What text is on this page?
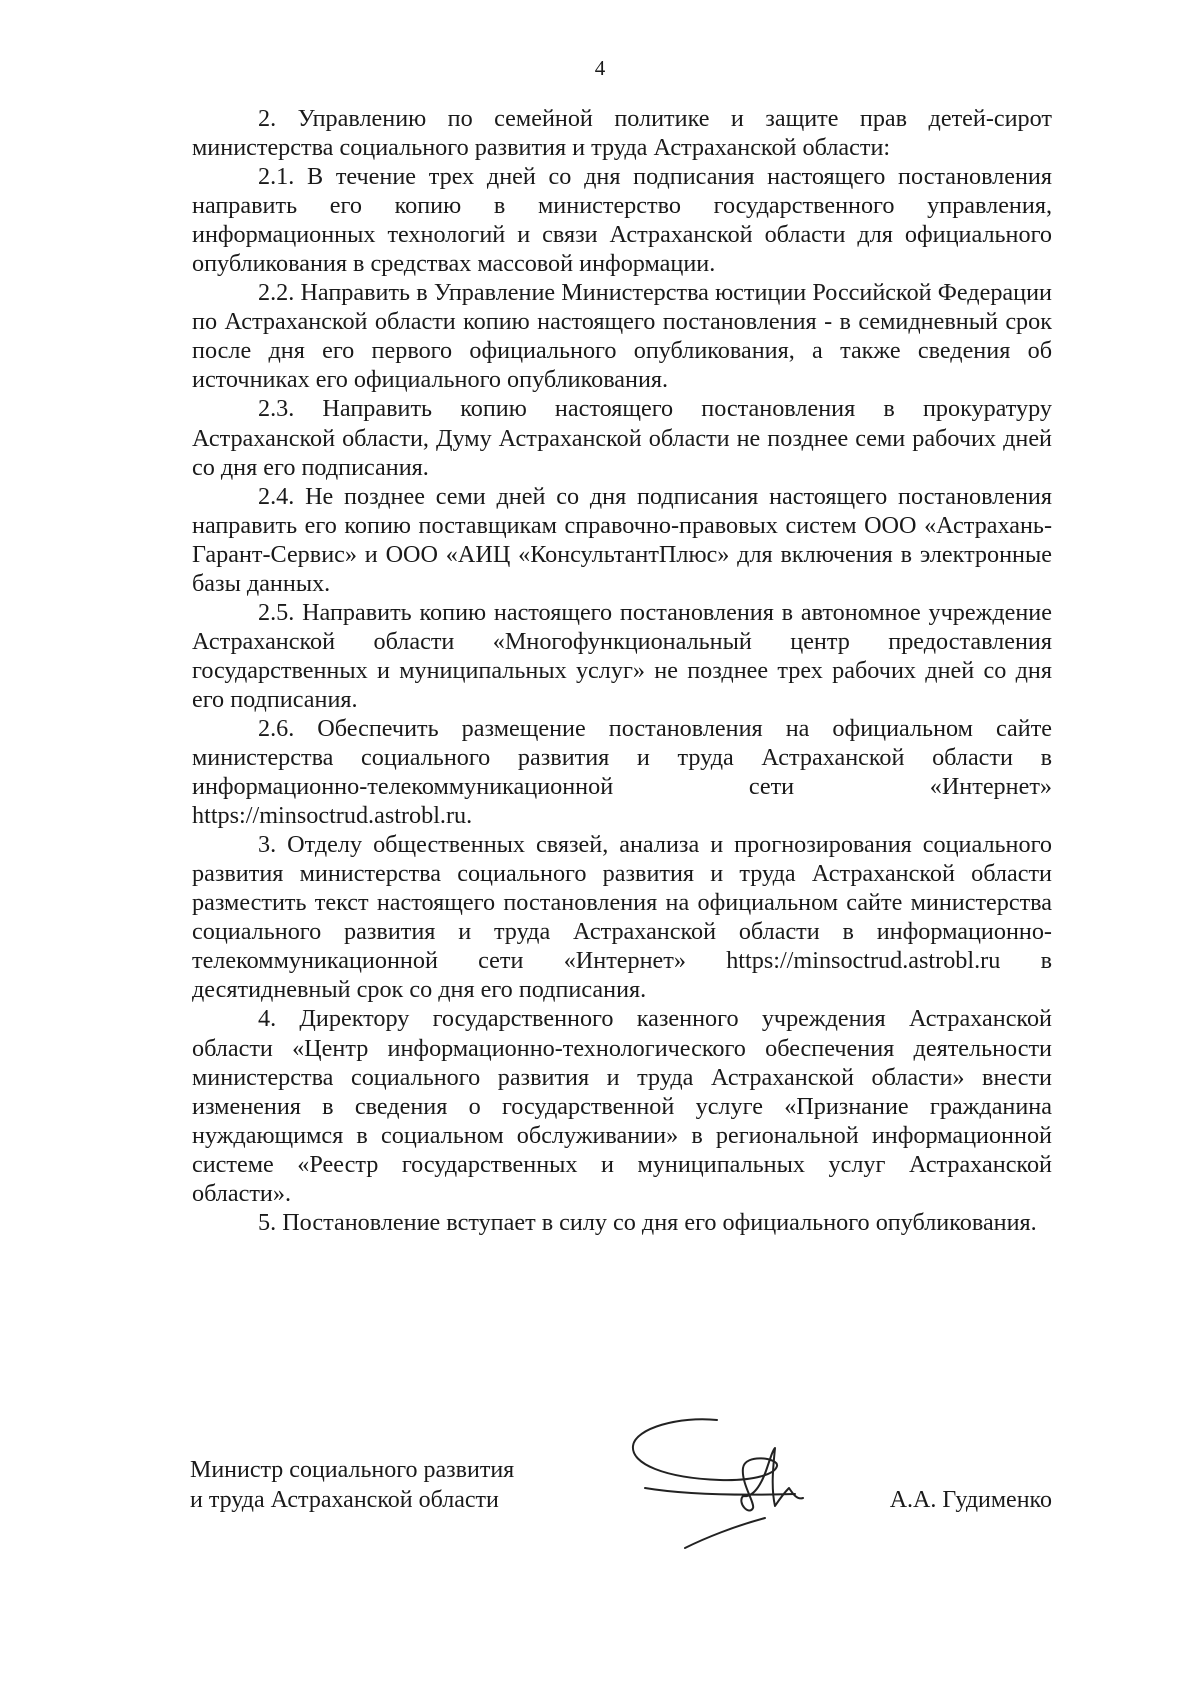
4

2. Управлению по семейной политике и защите прав детей-сирот министерства социального развития и труда Астраханской области:

2.1. В течение трех дней со дня подписания настоящего постановления направить его копию в министерство государственного управления, информационных технологий и связи Астраханской области для официального опубликования в средствах массовой информации.

2.2. Направить в Управление Министерства юстиции Российской Федерации по Астраханской области копию настоящего постановления - в семидневный срок после дня его первого официального опубликования, а также сведения об источниках его официального опубликования.

2.3. Направить копию настоящего постановления в прокуратуру Астраханской области, Думу Астраханской области не позднее семи рабочих дней со дня его подписания.

2.4. Не позднее семи дней со дня подписания настоящего постановления направить его копию поставщикам справочно-правовых систем ООО «Астрахань-Гарант-Сервис» и ООО «АИЦ «КонсультантПлюс» для включения в электронные базы данных.

2.5. Направить копию настоящего постановления в автономное учреждение Астраханской области «Многофункциональный центр предоставления государственных и муниципальных услуг» не позднее трех рабочих дней со дня его подписания.

2.6. Обеспечить размещение постановления на официальном сайте министерства социального развития и труда Астраханской области в информационно-телекоммуникационной сети «Интернет» https://minsoctrud.astrobl.ru.

3. Отделу общественных связей, анализа и прогнозирования социального развития министерства социального развития и труда Астраханской области разместить текст настоящего постановления на официальном сайте министерства социального развития и труда Астраханской области в информационно-телекоммуникационной сети «Интернет» https://minsoctrud.astrobl.ru в десятидневный срок со дня его подписания.

4. Директору государственного казенного учреждения Астраханской области «Центр информационно-технологического обеспечения деятельности министерства социального развития и труда Астраханской области» внести изменения в сведения о государственной услуге «Признание гражданина нуждающимся в социальном обслуживании» в региональной информационной системе «Реестр государственных и муниципальных услуг Астраханской области».

5. Постановление вступает в силу со дня его официального опубликования.

Министр социального развития
и труда Астраханской области	А.А. Гудименко
